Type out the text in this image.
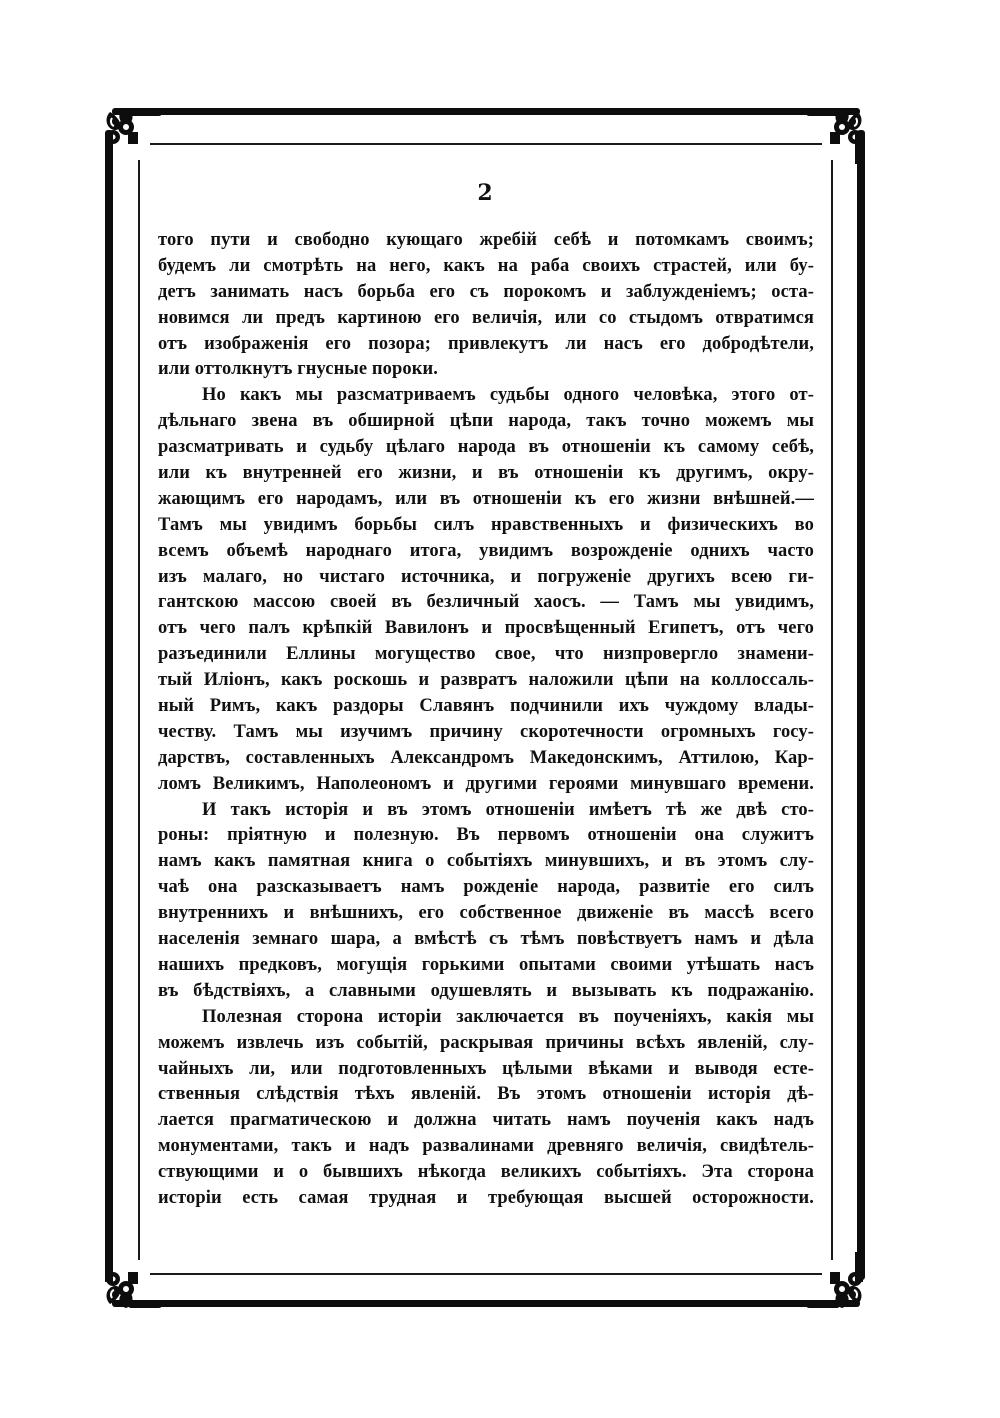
2
того пути и свободно кующаго жребій себѣ и потомкамъ своимъ;
будемъ ли смотрѣть на него, какъ на раба своихъ страстей, или бу-
детъ занимать насъ борьба его съ порокомъ и заблужденіемъ; оста-
новимся ли предъ картиною его величія, или со стыдомъ отвратимся
отъ изображенія его позора; привлекутъ ли насъ его добродѣтели,
или оттолкнутъ гнусные пороки.
Но какъ мы разсматриваемъ судьбы одного человѣка, этого от-
дѣльнаго звена въ обширной цѣпи народа, такъ точно можемъ мы
разсматривать и судьбу цѣлаго народа въ отношеніи къ самому себѣ,
или къ внутренней его жизни, и въ отношеніи къ другимъ, окру-
жающимъ его народамъ, или въ отношеніи къ его жизни внѣшней.—
Тамъ мы увидимъ борьбы силъ нравственныхъ и физическихъ во
всемъ объемѣ народнаго итога, увидимъ возрожденіе однихъ часто
изъ малаго, но чистаго источника, и погруженіе другихъ всею ги-
гантскою массою своей въ безличный хаосъ. — Тамъ мы увидимъ,
отъ чего палъ крѣпкій Вавилонъ и просвѣщенный Египетъ, отъ чего
разъединили Еллины могущество свое, что низпровергло знамени-
тый Иліонъ, какъ роскошь и развратъ наложили цѣпи на коллоссаль-
ный Римъ, какъ раздоры Славянъ подчинили ихъ чуждому влады-
честву. Тамъ мы изучимъ причину скоротечности огромныхъ госу-
дарствъ, составленныхъ Александромъ Македонскимъ, Аттилою, Кар-
ломъ Великимъ, Наполеономъ и другими героями минувшаго времени.
И такъ исторія и въ этомъ отношеніи имѣетъ тѣ же двѣ сто-
роны: пріятную и полезную. Въ первомъ отношеніи она служитъ
намъ какъ памятная книга о событіяхъ минувшихъ, и въ этомъ слу-
чаѣ она разсказываетъ намъ рожденіе народа, развитіе его силъ
внутреннихъ и внѣшнихъ, его собственное движеніе въ массѣ всего
населенія земнаго шара, а вмѣстѣ съ тѣмъ повѣствуетъ намъ и дѣла
нашихъ предковъ, могущія горькими опытами своими утѣшать насъ
въ бѣдствіяхъ, а славными одушевлять и вызывать къ подражанію.
Полезная сторона исторіи заключается въ поученіяхъ, какія мы
можемъ извлечь изъ событій, раскрывая причины всѣхъ явленій, слу-
чайныхъ ли, или подготовленныхъ цѣлыми вѣками и выводя есте-
ственныя слѣдствія тѣхъ явленій. Въ этомъ отношеніи исторія дѣ-
лается прагматическою и должна читать намъ поученія какъ надъ
монументами, такъ и надъ развалинами древняго величія, свидѣтель-
ствующими и о бывшихъ нѣкогда великихъ событіяхъ. Эта сторона
исторіи есть самая трудная и требующая высшей осторожности.
